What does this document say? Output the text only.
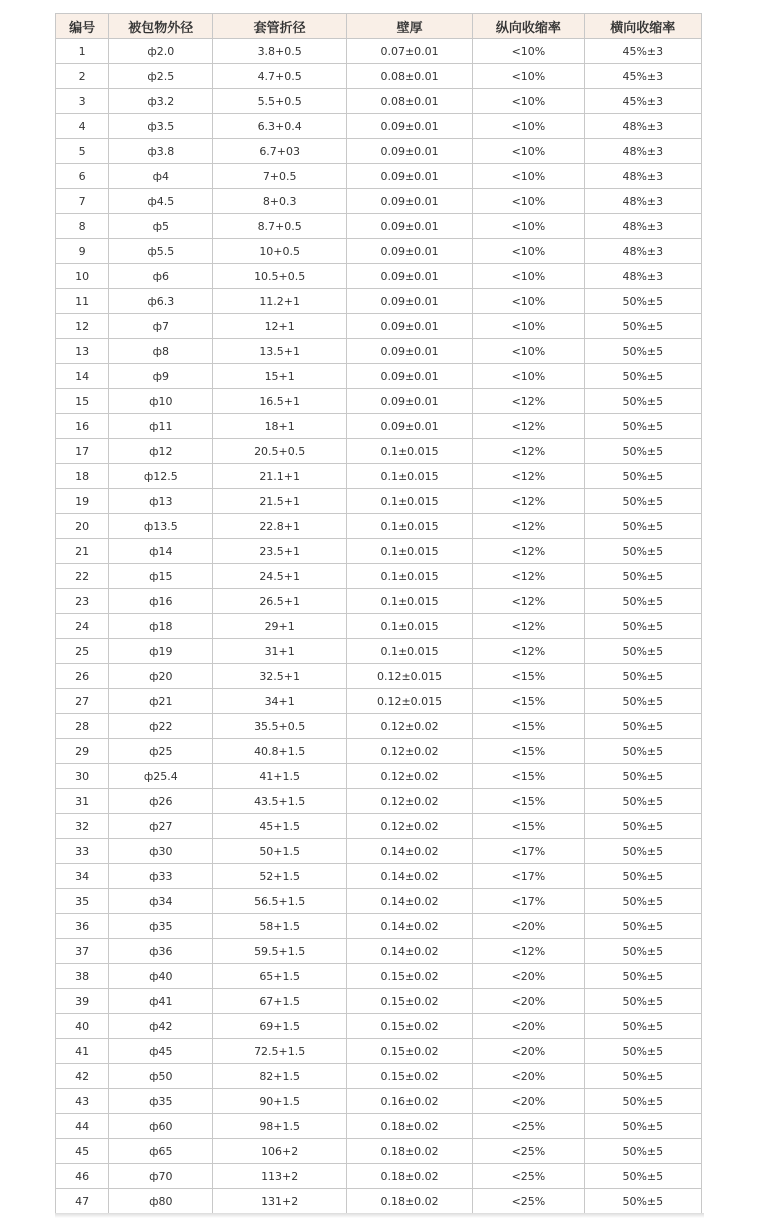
编号	被包物外径	套管折径	壁厚	纵向收缩率	横向收缩率
1	ф2.0	3.8+0.5	0.07±0.01	<10%	45%±3
2	ф2.5	4.7+0.5	0.08±0.01	<10%	45%±3
3	ф3.2	5.5+0.5	0.08±0.01	<10%	45%±3
4	ф3.5	6.3+0.4	0.09±0.01	<10%	48%±3
5	ф3.8	6.7+03	0.09±0.01	<10%	48%±3
6	ф4	7+0.5	0.09±0.01	<10%	48%±3
7	ф4.5	8+0.3	0.09±0.01	<10%	48%±3
8	ф5	8.7+0.5	0.09±0.01	<10%	48%±3
9	ф5.5	10+0.5	0.09±0.01	<10%	48%±3
10	ф6	10.5+0.5	0.09±0.01	<10%	48%±3
11	ф6.3	11.2+1	0.09±0.01	<10%	50%±5
12	ф7	12+1	0.09±0.01	<10%	50%±5
13	ф8	13.5+1	0.09±0.01	<10%	50%±5
14	ф9	15+1	0.09±0.01	<10%	50%±5
15	ф10	16.5+1	0.09±0.01	<12%	50%±5
16	ф11	18+1	0.09±0.01	<12%	50%±5
17	ф12	20.5+0.5	0.1±0.015	<12%	50%±5
18	ф12.5	21.1+1	0.1±0.015	<12%	50%±5
19	ф13	21.5+1	0.1±0.015	<12%	50%±5
20	ф13.5	22.8+1	0.1±0.015	<12%	50%±5
21	ф14	23.5+1	0.1±0.015	<12%	50%±5
22	ф15	24.5+1	0.1±0.015	<12%	50%±5
23	ф16	26.5+1	0.1±0.015	<12%	50%±5
24	ф18	29+1	0.1±0.015	<12%	50%±5
25	ф19	31+1	0.1±0.015	<12%	50%±5
26	ф20	32.5+1	0.12±0.015	<15%	50%±5
27	ф21	34+1	0.12±0.015	<15%	50%±5
28	ф22	35.5+0.5	0.12±0.02	<15%	50%±5
29	ф25	40.8+1.5	0.12±0.02	<15%	50%±5
30	ф25.4	41+1.5	0.12±0.02	<15%	50%±5
31	ф26	43.5+1.5	0.12±0.02	<15%	50%±5
32	ф27	45+1.5	0.12±0.02	<15%	50%±5
33	ф30	50+1.5	0.14±0.02	<17%	50%±5
34	ф33	52+1.5	0.14±0.02	<17%	50%±5
35	ф34	56.5+1.5	0.14±0.02	<17%	50%±5
36	ф35	58+1.5	0.14±0.02	<20%	50%±5
37	ф36	59.5+1.5	0.14±0.02	<12%	50%±5
38	ф40	65+1.5	0.15±0.02	<20%	50%±5
39	ф41	67+1.5	0.15±0.02	<20%	50%±5
40	ф42	69+1.5	0.15±0.02	<20%	50%±5
41	ф45	72.5+1.5	0.15±0.02	<20%	50%±5
42	ф50	82+1.5	0.15±0.02	<20%	50%±5
43	ф35	90+1.5	0.16±0.02	<20%	50%±5
44	ф60	98+1.5	0.18±0.02	<25%	50%±5
45	ф65	106+2	0.18±0.02	<25%	50%±5
46	ф70	113+2	0.18±0.02	<25%	50%±5
47	ф80	131+2	0.18±0.02	<25%	50%±5
